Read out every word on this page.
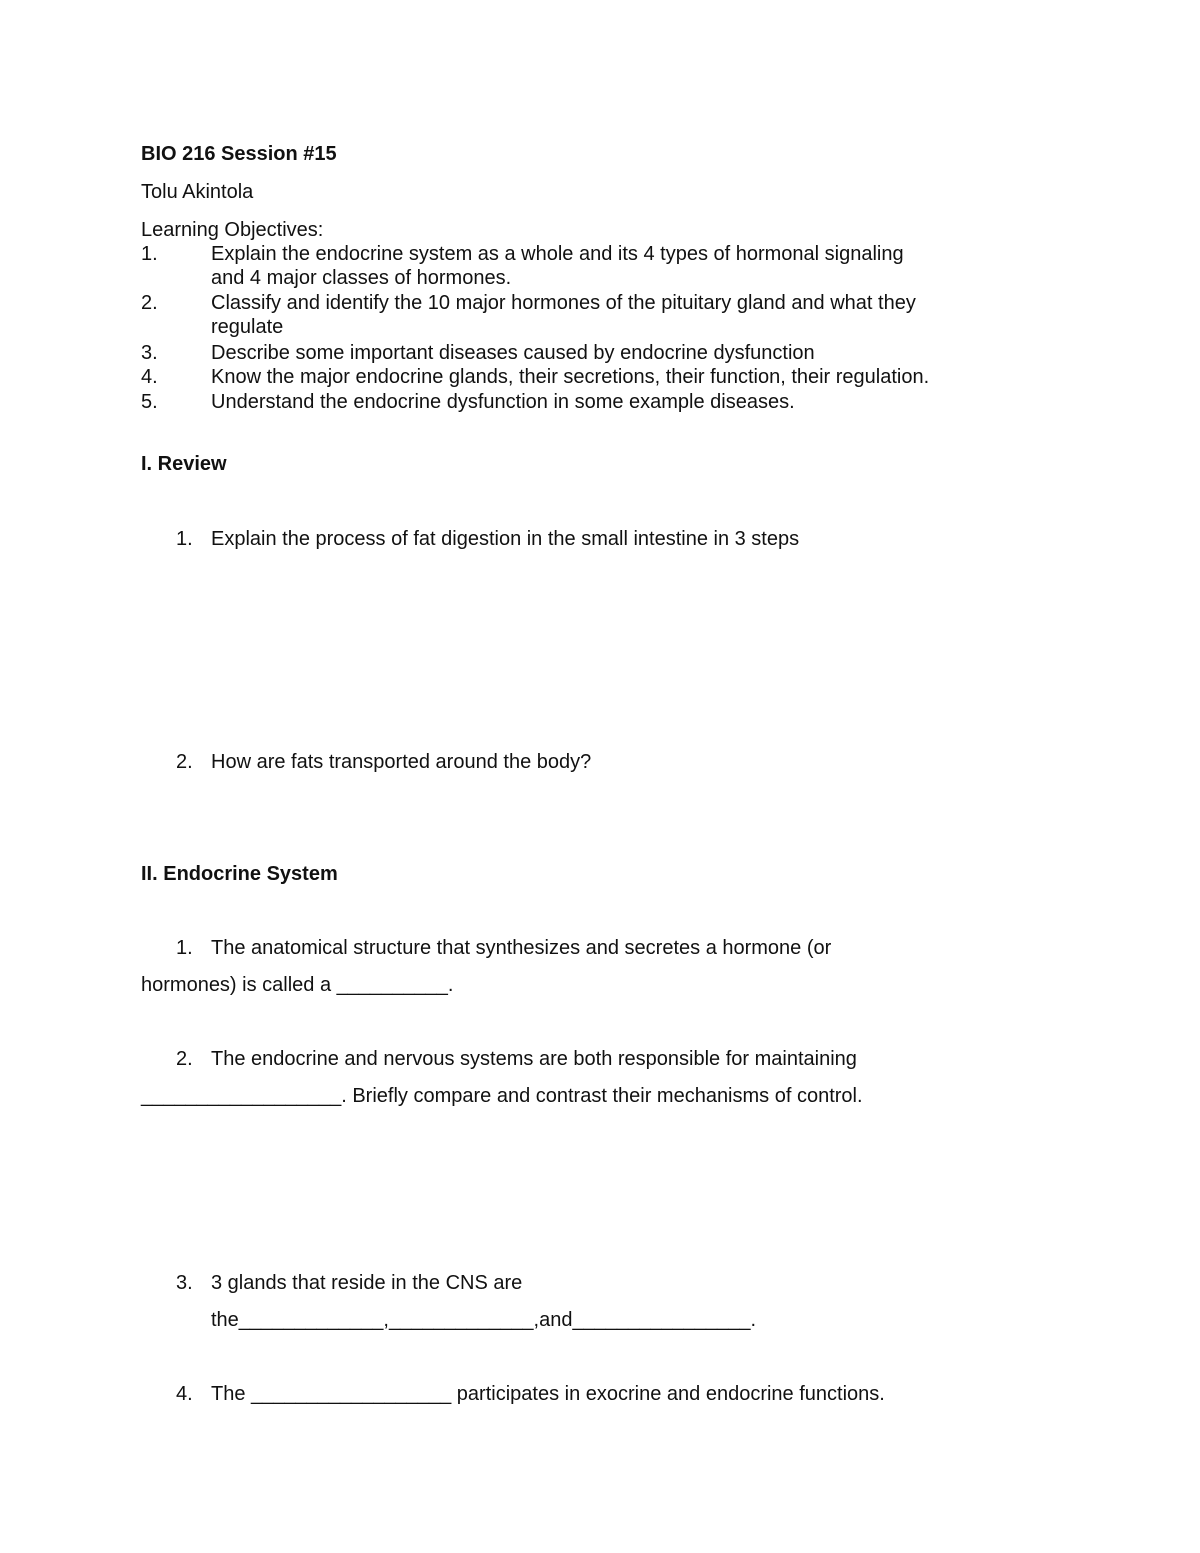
BIO 216 Session #15
Tolu Akintola
Learning Objectives:
1.	Explain the endocrine system as a whole and its 4 types of hormonal signaling
and 4 major classes of hormones.
2.	Classify and identify the 10 major hormones of the pituitary gland and what they
regulate
3.	Describe some important diseases caused by endocrine dysfunction
4.	Know the major endocrine glands, their secretions, their function, their regulation.
5.	Understand the endocrine dysfunction in some example diseases.
I. Review
1. Explain the process of fat digestion in the small intestine in 3 steps
2. How are fats transported around the body?
II. Endocrine System
1. The anatomical structure that synthesizes and secretes a hormone (or
hormones) is called a __________.
2. The endocrine and nervous systems are both responsible for maintaining
__________________. Briefly compare and contrast their mechanisms of control.
3. 3 glands that reside in the CNS are
the_____________,_____________,and________________.
4. The __________________ participates in exocrine and endocrine functions.
